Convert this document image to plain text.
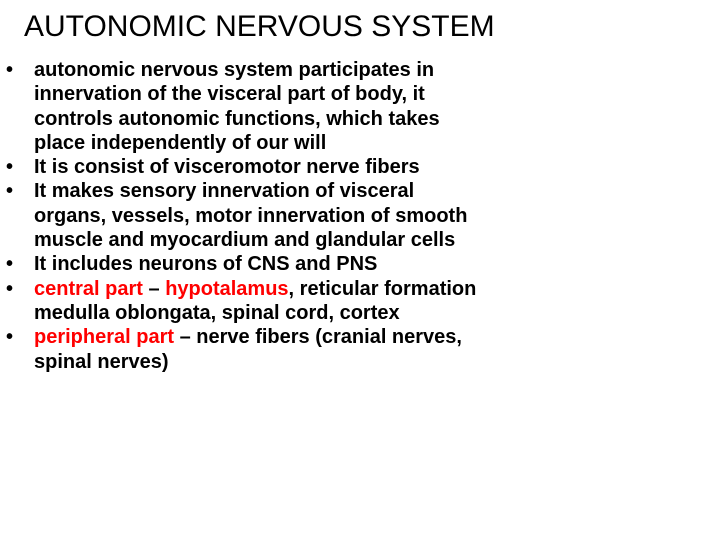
AUTONOMIC NERVOUS SYSTEM
• autonomic nervous system participates in
innervation of the visceral part of body, it
controls autonomic functions, which takes
place independently of our will
• It is consist of visceromotor nerve fibers
• It makes sensory innervation of visceral
organs, vessels, motor innervation of smooth
muscle and myocardium and glandular cells
• It includes neurons of CNS and PNS
• central part – hypotalamus, reticular formation
medulla oblongata, spinal cord, cortex
• peripheral part – nerve fibers (cranial nerves,
spinal nerves)
